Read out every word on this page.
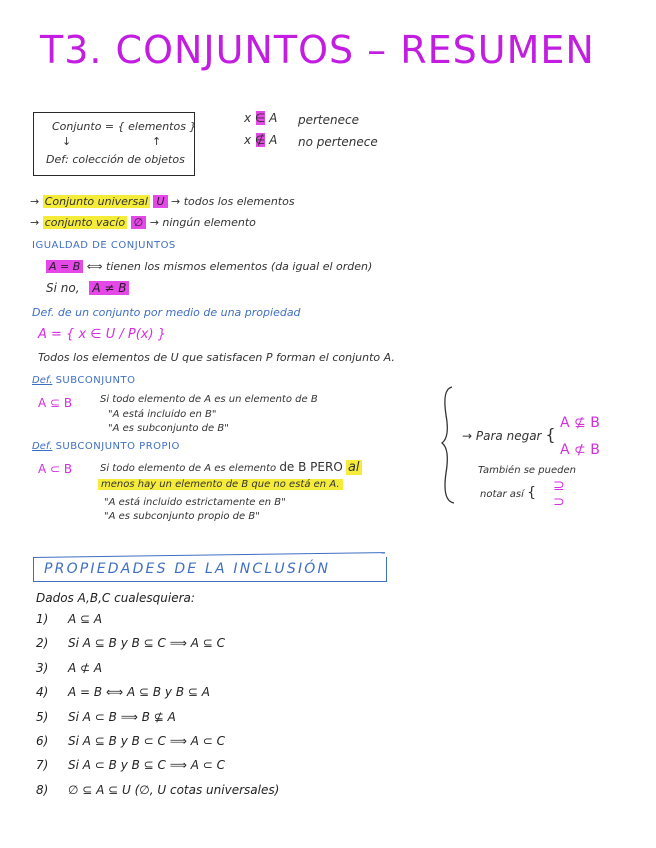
T3. CONJUNTOS – RESUMEN
Conjunto = { elementos }
↓	↑
Def: colección de objetos
x ∈ A pertenece
x ∉ A no pertenece
→ Conjunto universal U → todos los elementos
→ conjunto vacío ∅ → ningún elemento
IGUALDAD DE CONJUNTOS
A = B ⟺ tienen los mismos elementos (da igual el orden)
Si no, A ≠ B
Def. de un conjunto por medio de una propiedad
A = { x ∈ U / P(x) }
Todos los elementos de U que satisfacen P forman el conjunto A.
Def. SUBCONJUNTO
A ⊆ B	Si todo elemento de A es un elemento de B
"A está incluido en B"
"A es subconjunto de B"
Def. SUBCONJUNTO PROPIO
A ⊂ B	Si todo elemento de A es elemento de B PERO al
menos hay un elemento de B que no está en A.
"A está incluido estrictamente en B"
"A es subconjunto propio de B"
→ Para negar {
A ⊈ B
A ⊄ B
También se pueden
notar así { ⊇
⊃
PROPIEDADES DE LA INCLUSIÓN
Dados A,B,C cualesquiera:
1) A ⊆ A
2) Si A ⊆ B y B ⊆ C ⟹ A ⊆ C
3) A ⊄ A
4) A = B ⟺ A ⊆ B y B ⊆ A
5) Si A ⊂ B ⟹ B ⊈ A
6) Si A ⊆ B y B ⊂ C ⟹ A ⊂ C
7) Si A ⊂ B y B ⊆ C ⟹ A ⊂ C
8) ∅ ⊆ A ⊆ U (∅, U cotas universales)
